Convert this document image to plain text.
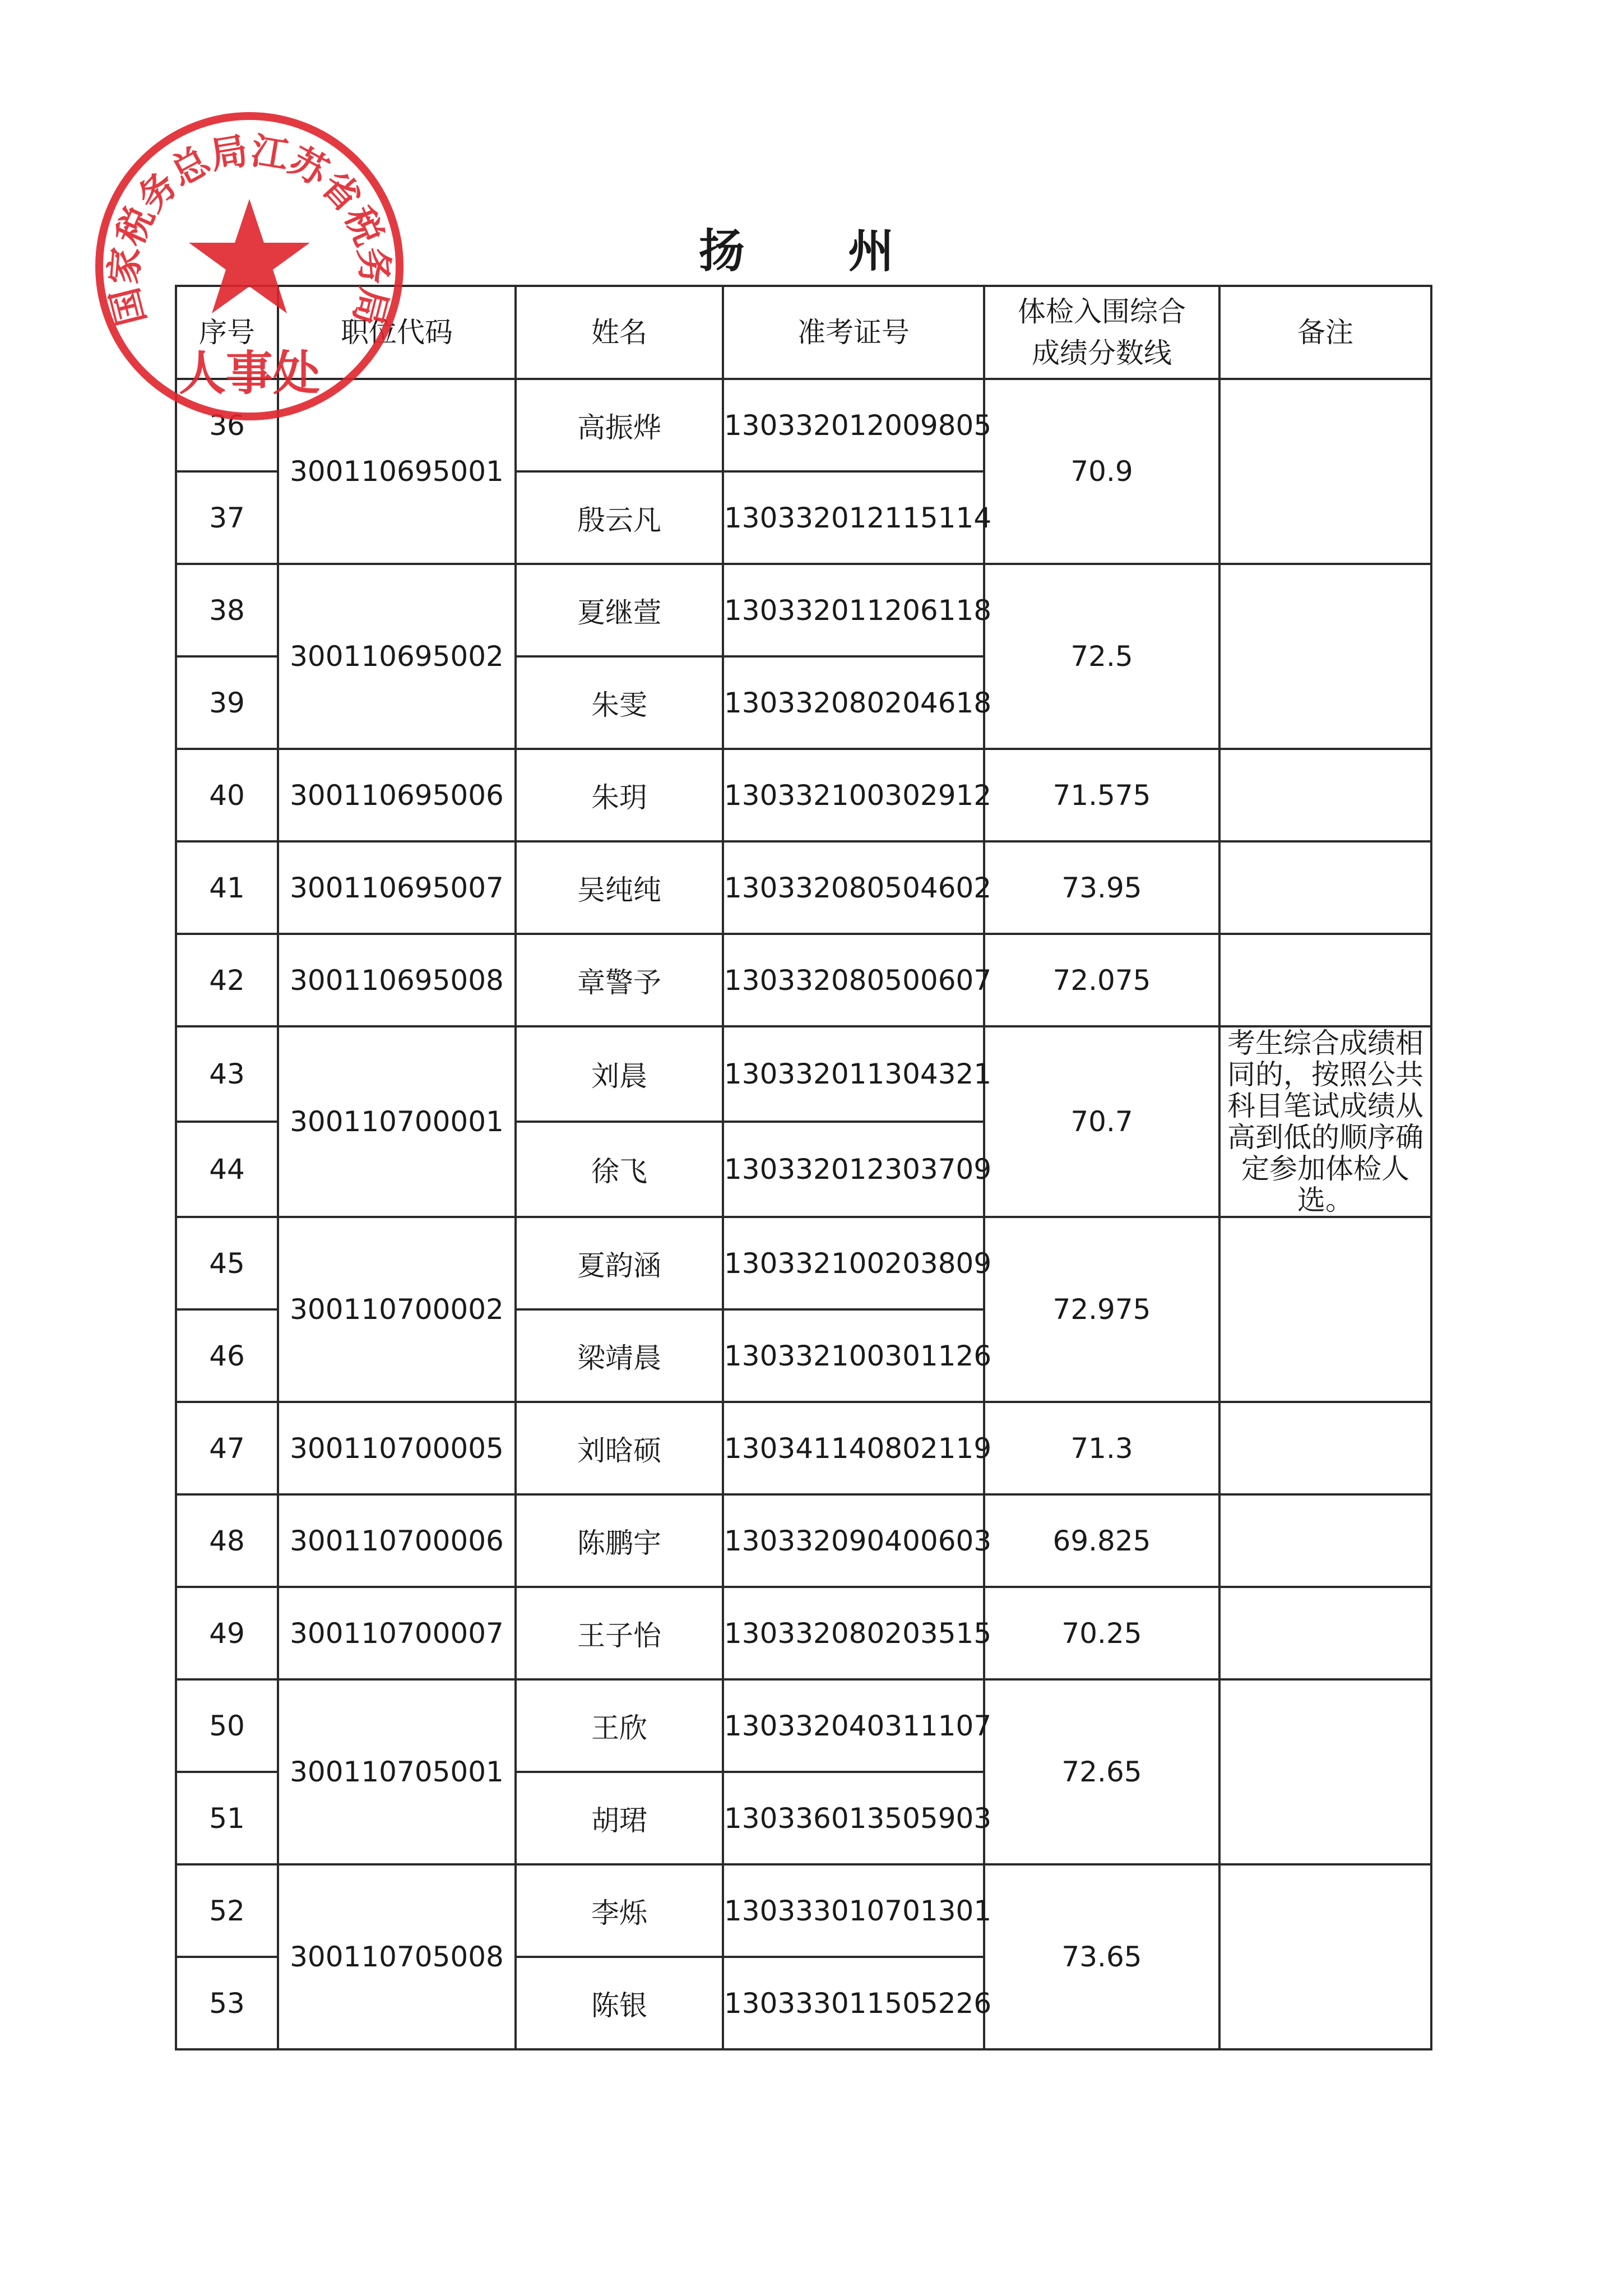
扬 州
序号	职位代码	姓名	准考证号	体检入围综合成绩分数线	备注
36	300110695001	高振烨	130332012009805	70.9	
37		殷云凡	130332012115114		
38	300110695002	夏继萱	130332011206118	72.5	
39		朱雯	130332080204618		
40	300110695006	朱玥	130332100302912	71.575	
41	300110695007	吴纯纯	130332080504602	73.95	
42	300110695008	章警予	130332080500607	72.075	
43	300110700001	刘晨	130332011304321	70.7	考生综合成绩相同的，按照公共科目笔试成绩从高到低的顺序确定参加体检人选。
44		徐飞	130332012303709		
45	300110700002	夏韵涵	130332100203809	72.975	
46		梁靖晨	130332100301126		
47	300110700005	刘晗硕	130341140802119	71.3	
48	300110700006	陈鹏宇	130332090400603	69.825	
49	300110700007	王子怡	130332080203515	70.25	
50	300110705001	王欣	130332040311107	72.65	
51		胡珺	130336013505903		
52	300110705008	李烁	130333010701301	73.65	
53		陈银	130333011505226		
国家税务总局江苏省税务局
人事处
